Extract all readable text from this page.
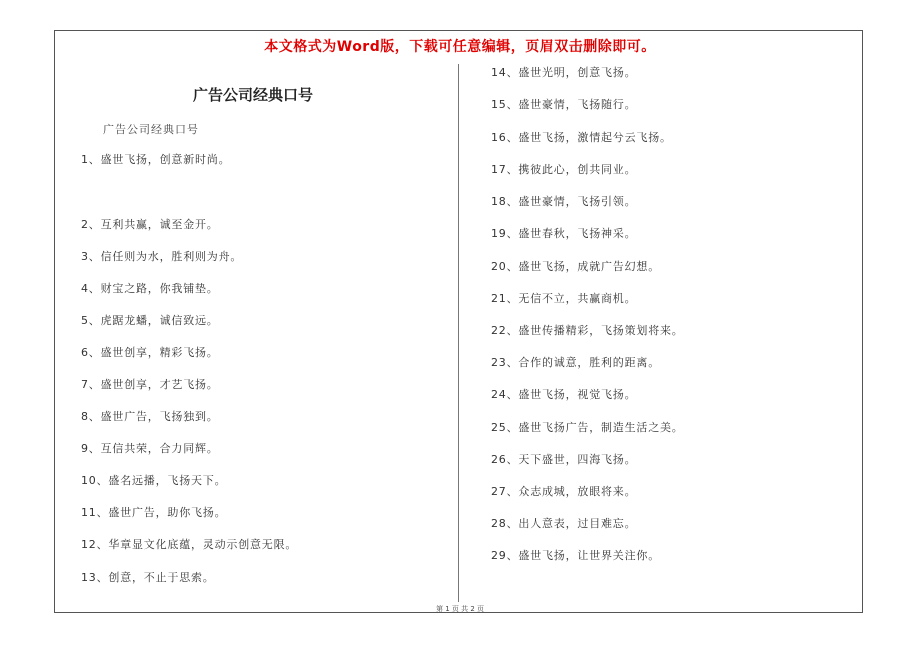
本文格式为Word版，下载可任意编辑，页眉双击删除即可。
广告公司经典口号
广告公司经典口号
1、盛世飞扬，创意新时尚。
2、互利共赢，诚至金开。
3、信任则为水，胜利则为舟。
4、财宝之路，你我铺垫。
5、虎踞龙蟠，诚信致远。
6、盛世创享，精彩飞扬。
7、盛世创享，才艺飞扬。
8、盛世广告，飞扬独到。
9、互信共荣，合力同辉。
10、盛名远播，飞扬天下。
11、盛世广告，助你飞扬。
12、华章显文化底蕴，灵动示创意无限。
13、创意，不止于思索。
14、盛世光明，创意飞扬。
15、盛世豪情，飞扬随行。
16、盛世飞扬，激情起兮云飞扬。
17、携彼此心，创共同业。
18、盛世豪情，飞扬引领。
19、盛世春秋，飞扬神采。
20、盛世飞扬，成就广告幻想。
21、无信不立，共赢商机。
22、盛世传播精彩，飞扬策划将来。
23、合作的诚意，胜利的距离。
24、盛世飞扬，视觉飞扬。
25、盛世飞扬广告，制造生活之美。
26、天下盛世，四海飞扬。
27、众志成城，放眼将来。
28、出人意表，过目难忘。
29、盛世飞扬，让世界关注你。
第 1 页 共 2 页
